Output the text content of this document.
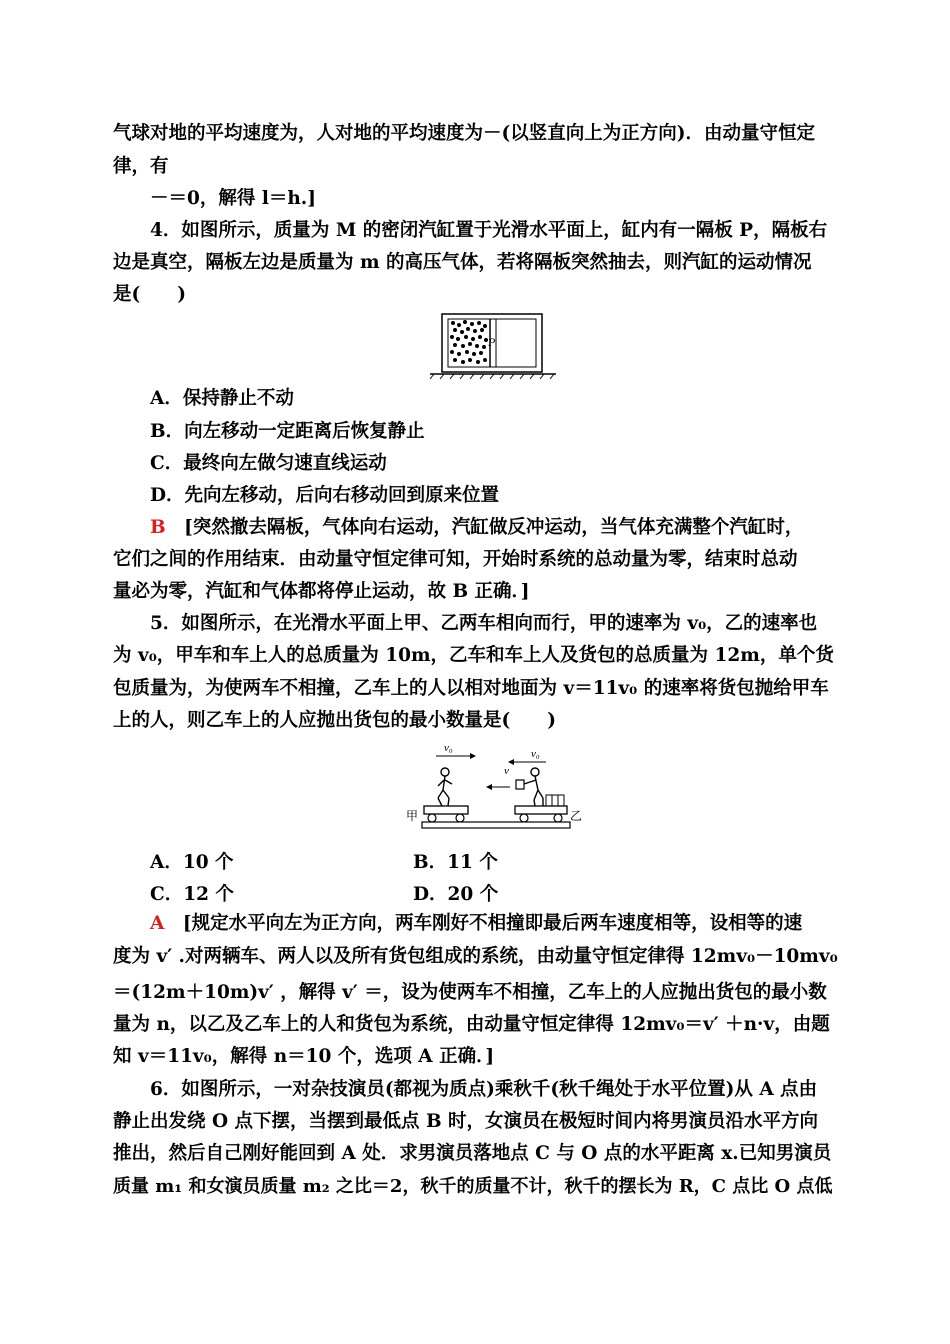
气球对地的平均速度为，人对地的平均速度为－(以竖直向上为正方向)．由动量守恒定
律，有
－＝0，解得 l＝h.]
4．如图所示，质量为 M 的密闭汽缸置于光滑水平面上，缸内有一隔板 P，隔板右
边是真空，隔板左边是质量为 m 的高压气体，若将隔板突然抽去，则汽缸的运动情况
是(　　)
P
A．保持静止不动
B．向左移动一定距离后恢复静止
C．最终向左做匀速直线运动
D．先向左移动，后向右移动回到原来位置
B　 [突然撤去隔板，气体向右运动，汽缸做反冲运动，当气体充满整个汽缸时，
它们之间的作用结束．由动量守恒定律可知，开始时系统的总动量为零，结束时总动
量必为零，汽缸和气体都将停止运动，故 B 正确．]
5．如图所示，在光滑水平面上甲、乙两车相向而行，甲的速率为 v₀，乙的速率也
为 v₀，甲车和车上人的总质量为 10m，乙车和车上人及货包的总质量为 12m，单个货
包质量为，为使两车不相撞，乙车上的人以相对地面为 v＝11v₀ 的速率将货包抛给甲车
上的人，则乙车上的人应抛出货包的最小数量是(　　)
v₀	v₀
v
甲	乙
A．10 个	B．11 个
C．12 个	D．20 个
A　 [规定水平向左为正方向，两车刚好不相撞即最后两车速度相等，设相等的速
度为 v′ .对两辆车、两人以及所有货包组成的系统，由动量守恒定律得 12mv₀－10mv₀
＝(12m＋10m)v′ ，解得 v′ ＝，设为使两车不相撞，乙车上的人应抛出货包的最小数
量为 n，以乙及乙车上的人和货包为系统，由动量守恒定律得 12mv₀＝v′ ＋n·v，由题
知 v＝11v₀，解得 n＝10 个，选项 A 正确．]
6．如图所示，一对杂技演员(都视为质点)乘秋千(秋千绳处于水平位置)从 A 点由
静止出发绕 O 点下摆，当摆到最低点 B 时，女演员在极短时间内将男演员沿水平方向
推出，然后自己刚好能回到 A 处．求男演员落地点 C 与 O 点的水平距离 x.已知男演员
质量 m₁ 和女演员质量 m₂ 之比＝2，秋千的质量不计，秋千的摆长为 R，C 点比 O 点低
